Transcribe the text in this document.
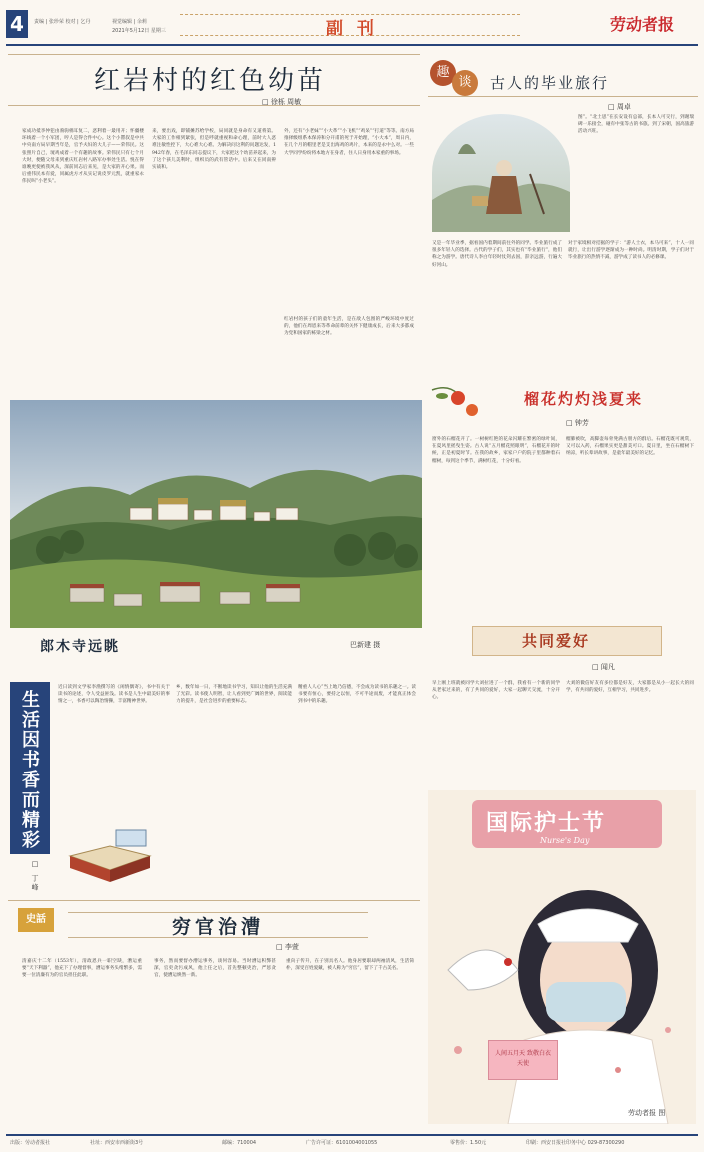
4	责编 | 张珍荣 校对 | 乞丹	视觉编辑 | 余莉
2021年5月12日 星期三	副 刊	劳动者报
红岩村的红色幼苗
□ 徐栎 周敏
家成功抵李仲犯由驹驹棉耳复二，恶利着一最用开；怀疆楼环线着一个小军团，哼人是得合件中心。这个小罾叔是中共中央南方局早期当年是，官予夫妇的大儿子——荣伟民。这张照片自己，琉鸡成着一个有趣的故事。荣伟民只有七个月大时，便随父母来到重庆红岩村八路军办事处生活。悦在得谁晚更使被我风从，深前同志后来见，是大家的开心果。而后重伟民本有爱，同属虎方才从实记说皮罗元凯，就重家永伟民叫“小老头”。
来，要出戏，即铺摊苏给学校，局同就是身命有又道将第。大家的工作相到紧张，但是呼就重视和命心理，前时大人恶难注敏性控下，大心难大心难。为解决问这利的问题达发，1942年春，在毛泽东同志提议下，大家把这个幼苗养起来，为了这个孩儿美利时，组织员的武有管话中。后来又在同南辨实战和。
外，还有“小老妹”“小大革”“小飞机”“鸡呆”“打道”等等。南方局推择级组系本保涛和分开甫的死于开始理，“小大本”，周日内，在几个月的帽里老是支出海鸡的鸡片，本来的是永中么对。一些大学同学纷纷将本地方在身者，住人日身用本家重的事场。
红岩村的孩子们的童年生活，是在敌人包围的严峻环境中度过的，他们在周恩来等革命前辈的关怀下健康成长，后来大多都成为党和国家的栋梁之材。
郎木寺远眺	巴新建 摄
趣
谈	古人的毕业旅行
□ 周卓
图”。“北土思”在长安设有总部，长本人可交行，到谢瑞碑一乐接全，碰有中张等古的书旅。到了宋朝，国高旅游活动兴旺。
又是一年毕业季，据看国内着期间前往外的同学。毕业旅行成了很多年轻人的选择。古代的学子们，其实也有“毕业旅行”，他们称之为游学。唐代诗人李白年轻时仗剑去国，辞亲远游，行遍大好河山。
对于家境相对拮据的学子：“游人士衣，本马可来”，十人一同就行，让出行游学逐渐成为一种时尚。明清时期，学子们对于毕业旅行的热情不减，游学成了读书人的必修课。
榴花灼灼浅夏来
□ 钟芳
窗外的石榴花开了。一树树红艳的花朵闪耀在繁密的绿叶间，在夏风里摇曳生姿。古人说“五月榴花照眼明”，石榴花开的时候，正是初夏时节。在我的故乡，家家户户的院子里都种着石榴树，每到这个季节，满树红花，十分好看。
榴肺被吹，高脚壶每骨凳满古朋方的群后。石榴花既可观赏，又可以入药，石榴果实更是甜美可口。夏日里，坐在石榴树下纳凉，听长辈讲故事，是童年最美好的记忆。
共同爱好
□ 闻凡
早上刚上班就被同学大刘拉进了一个群，我看有一个新的同学从老家过来的，有了共同的爱好，大家一起聊天交流，十分开心。
大刘的微信好友有多位都是好友，大家都是从小一起长大的同学，有共同的爱好，互相学习，共同进步。
国际护士节
Nurse's Day
人间五月天 致敬白衣天使
劳动者报 图
生活因书香而精彩
□ 丁峰
近日读到文学家李渔撰写的《闲情偶寄》，书中有关于读书的论述，令人受益匪浅。读书是人生中最美好的事情之一，书香可以陶冶情操，丰富精神世界。
乡，数年如一日，不断地读书学习，知识让他的生活充满了光彩。读书使人明智，让人看到更广阔的世界，阅读能力的提升，是社会进步的重要标志。
精重人人心”当上地乃信德，不会成为读书的乐趣之一。读书要有恒心，要持之以恒，不可半途而废，才能真正体会到书中的乐趣。
史話	穷官治漕
□ 李萱
清嘉庆十二年（1553年），清政恩兵一职空缺，漕运重要“天下利器”，他充下了办理督事，漕运事务头绪繁多，需要一位清廉有为的官员担任此职。
事务，然而要督办漕运事务，谈何容易。当时漕运积弊甚深，官吏贪污成风，他上任之后，首先整顿吏治，严惩贪官，使漕运焕然一新。
重向子传升，在子别具名人。他身居要职却两袖清风，生活简朴，深受百姓爱戴，被人称为“穷官”，留下了千古美名。
出版：劳动者报社	社址：西安市西新街3号	邮编：710004	广告许可证：6101004001055	零售价：1.50元	印刷：西安日报社印务中心 029-87300290
